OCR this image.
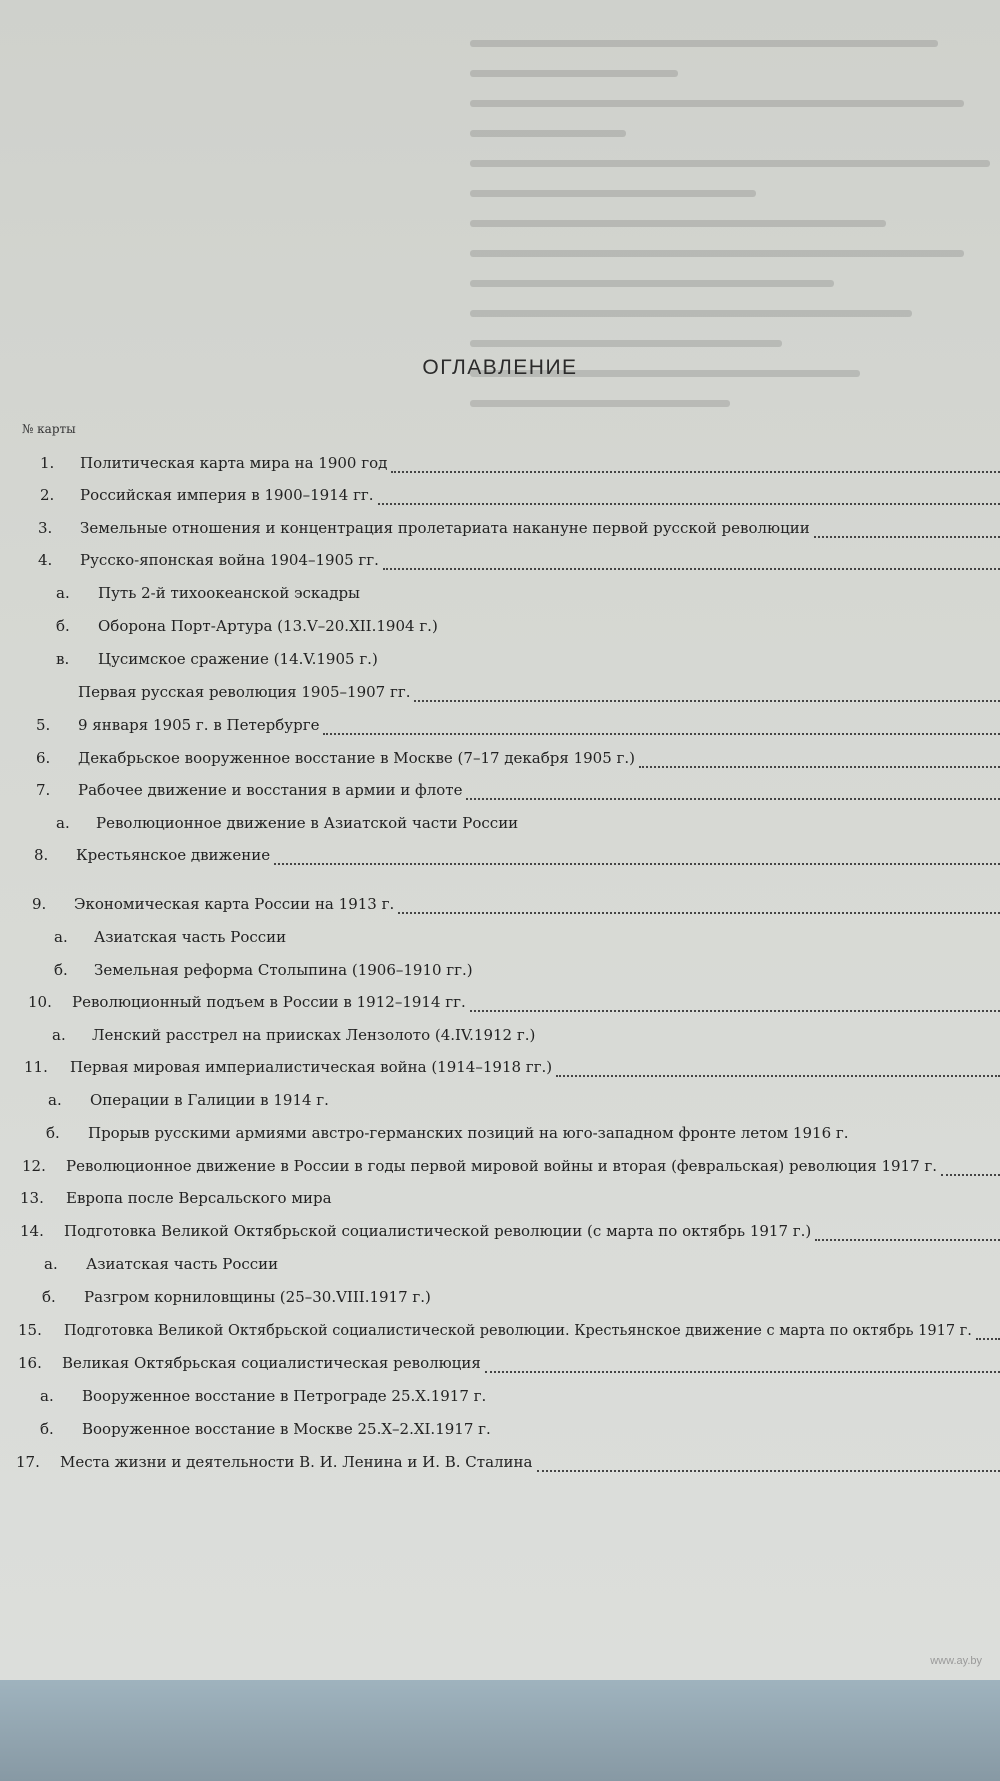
ОГЛАВЛЕНИЕ
№ карты
1.	Политическая карта мира на 1900 год
2.	Российская империя в 1900–1914 гг.
3.	Земельные отношения и концентрация пролетариата накануне первой русской революции
4.	Русско-японская война 1904–1905 гг.
а.	Путь 2-й тихоокеанской эскадры
б.	Оборона Порт-Артура (13.V–20.XII.1904 г.)
в.	Цусимское сражение (14.V.1905 г.)
Первая русская революция 1905–1907 гг.
5.	9 января 1905 г. в Петербурге
6.	Декабрьское вооруженное восстание в Москве (7–17 декабря 1905 г.)
7.	Рабочее движение и восстания в армии и флоте
а.	Революционное движение в Азиатской части России
8.	Крестьянское движение
9.	Экономическая карта России на 1913 г.
а.	Азиатская часть России
б.	Земельная реформа Столыпина (1906–1910 гг.)
10.	Революционный подъем в России в 1912–1914 гг.
а.	Ленский расстрел на приисках Лензолото (4.IV.1912 г.)
11.	Первая мировая империалистическая война (1914–1918 гг.)
а.	Операции в Галиции в 1914 г.
б.	Прорыв русскими армиями австро-германских позиций на юго-западном фронте летом 1916 г.
12.	Революционное движение в России в годы первой мировой войны и вторая (февральская) революция 1917 г.
13.	Европа после Версальского мира
14.	Подготовка Великой Октябрьской социалистической революции (с марта по октябрь 1917 г.)
а.	Азиатская часть России
б.	Разгром корниловщины (25–30.VIII.1917 г.)
15.	Подготовка Великой Октябрьской социалистической революции. Крестьянское движение с марта по октябрь 1917 г.
16.	Великая Октябрьская социалистическая революция
а.	Вооруженное восстание в Петрограде 25.X.1917 г.
б.	Вооруженное восстание в Москве 25.X–2.XI.1917 г.
17.	Места жизни и деятельности В. И. Ленина и И. В. Сталина
www.ay.by
